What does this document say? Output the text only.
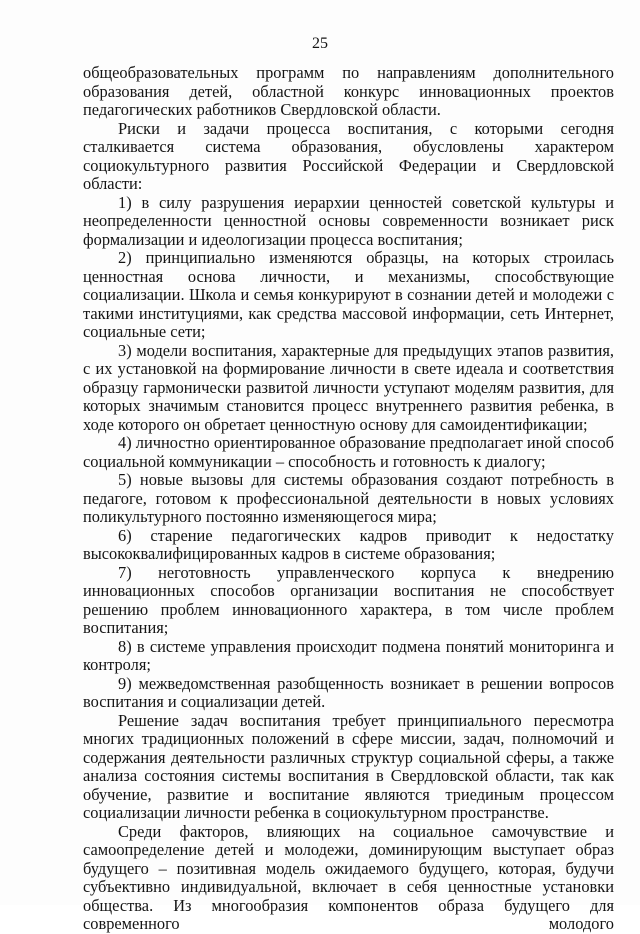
25

общеобразовательных программ по направлениям дополнительного образования детей, областной конкурс инновационных проектов педагогических работников Свердловской области.

Риски и задачи процесса воспитания, с которыми сегодня сталкивается система образования, обусловлены характером социокультурного развития Российской Федерации и Свердловской области:

1) в силу разрушения иерархии ценностей советской культуры и неопределенности ценностной основы современности возникает риск формализации и идеологизации процесса воспитания;

2) принципиально изменяются образцы, на которых строилась ценностная основа личности, и механизмы, способствующие социализации. Школа и семья конкурируют в сознании детей и молодежи с такими институциями, как средства массовой информации, сеть Интернет, социальные сети;

3) модели воспитания, характерные для предыдущих этапов развития, с их установкой на формирование личности в свете идеала и соответствия образцу гармонически развитой личности уступают моделям развития, для которых значимым становится процесс внутреннего развития ребенка, в ходе которого он обретает ценностную основу для самоидентификации;

4) личностно ориентированное образование предполагает иной способ социальной коммуникации – способность и готовность к диалогу;

5) новые вызовы для системы образования создают потребность в педагоге, готовом к профессиональной деятельности в новых условиях поликультурного постоянно изменяющегося мира;

6) старение педагогических кадров приводит к недостатку высококвалифицированных кадров в системе образования;

7) неготовность управленческого корпуса к внедрению инновационных способов организации воспитания не способствует решению проблем инновационного характера, в том числе проблем воспитания;

8) в системе управления происходит подмена понятий мониторинга и контроля;

9) межведомственная разобщенность возникает в решении вопросов воспитания и социализации детей.

Решение задач воспитания требует принципиального пересмотра многих традиционных положений в сфере миссии, задач, полномочий и содержания деятельности различных структур социальной сферы, а также анализа состояния системы воспитания в Свердловской области, так как обучение, развитие и воспитание являются триединым процессом социализации личности ребенка в социокультурном пространстве.

Среди факторов, влияющих на социальное самочувствие и самоопределение детей и молодежи, доминирующим выступает образ будущего – позитивная модель ожидаемого будущего, которая, будучи субъективно индивидуальной, включает в себя ценностные установки общества. Из многообразия компонентов образа будущего для современного молодого
